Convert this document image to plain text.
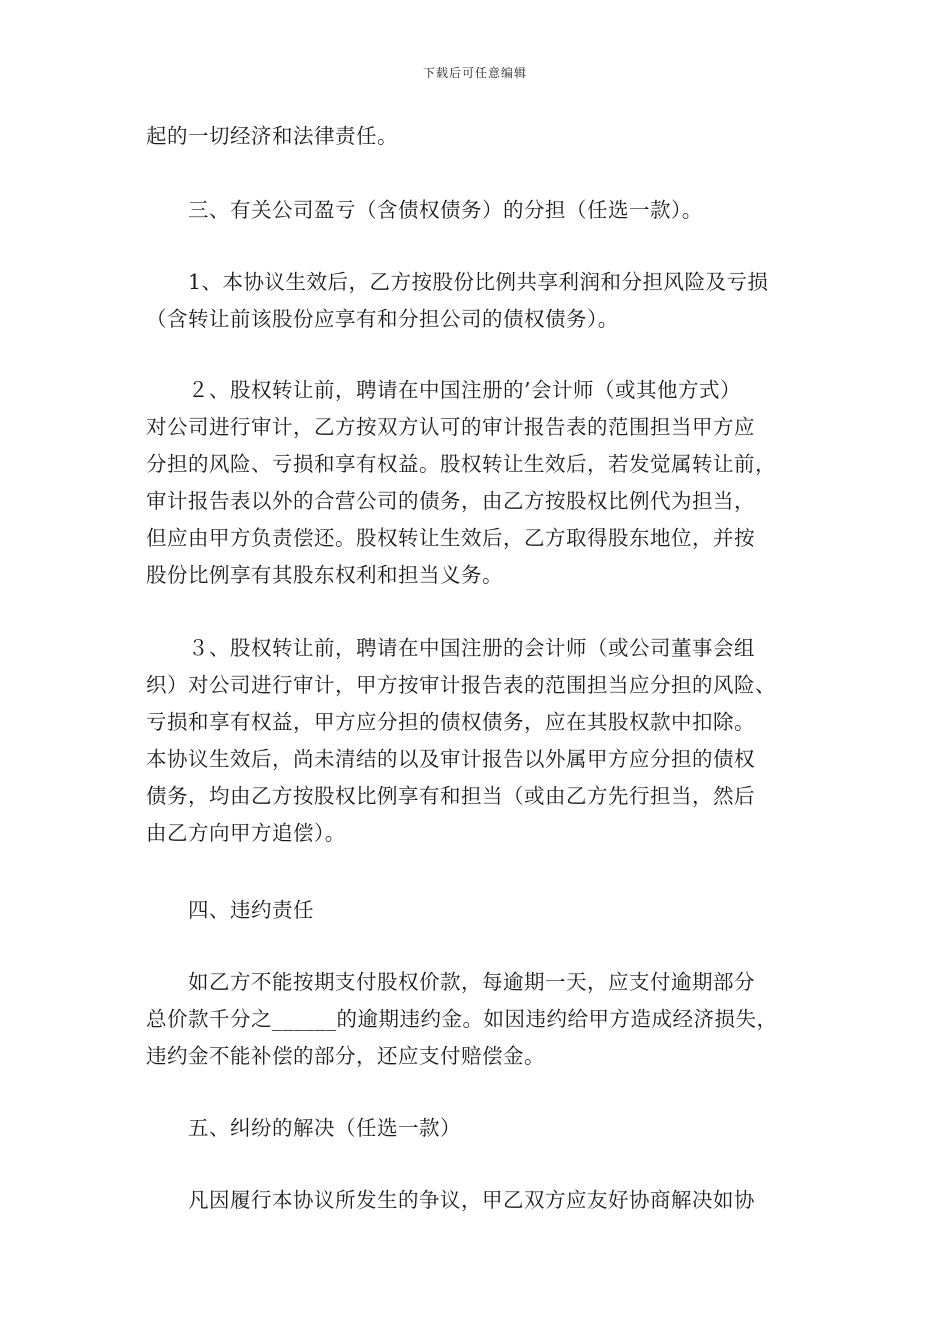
下载后可任意编辑
起的一切经济和法律责任。
　　三、有关公司盈亏（含债权债务）的分担（任选一款）。
　　1、本协议生效后，乙方按股份比例共享利润和分担风险及亏损
（含转让前该股份应享有和分担公司的债权债务）。
　　２、股权转让前，聘请在中国注册的’会计师（或其他方式）
对公司进行审计，乙方按双方认可的审计报告表的范围担当甲方应
分担的风险、亏损和享有权益。股权转让生效后，若发觉属转让前，
审计报告表以外的合营公司的债务，由乙方按股权比例代为担当，
但应由甲方负责偿还。股权转让生效后，乙方取得股东地位，并按
股份比例享有其股东权利和担当义务。
　　３、股权转让前，聘请在中国注册的会计师（或公司董事会组
织）对公司进行审计，甲方按审计报告表的范围担当应分担的风险、
亏损和享有权益，甲方应分担的债权债务，应在其股权款中扣除。
本协议生效后，尚未清结的以及审计报告以外属甲方应分担的债权
债务，均由乙方按股权比例享有和担当（或由乙方先行担当，然后
由乙方向甲方追偿）。
　　四、违约责任
　　如乙方不能按期支付股权价款，每逾期一天，应支付逾期部分
总价款千分之______的逾期违约金。如因违约给甲方造成经济损失，
违约金不能补偿的部分，还应支付赔偿金。
　　五、纠纷的解决（任选一款）
　　凡因履行本协议所发生的争议，甲乙双方应友好协商解决如协
